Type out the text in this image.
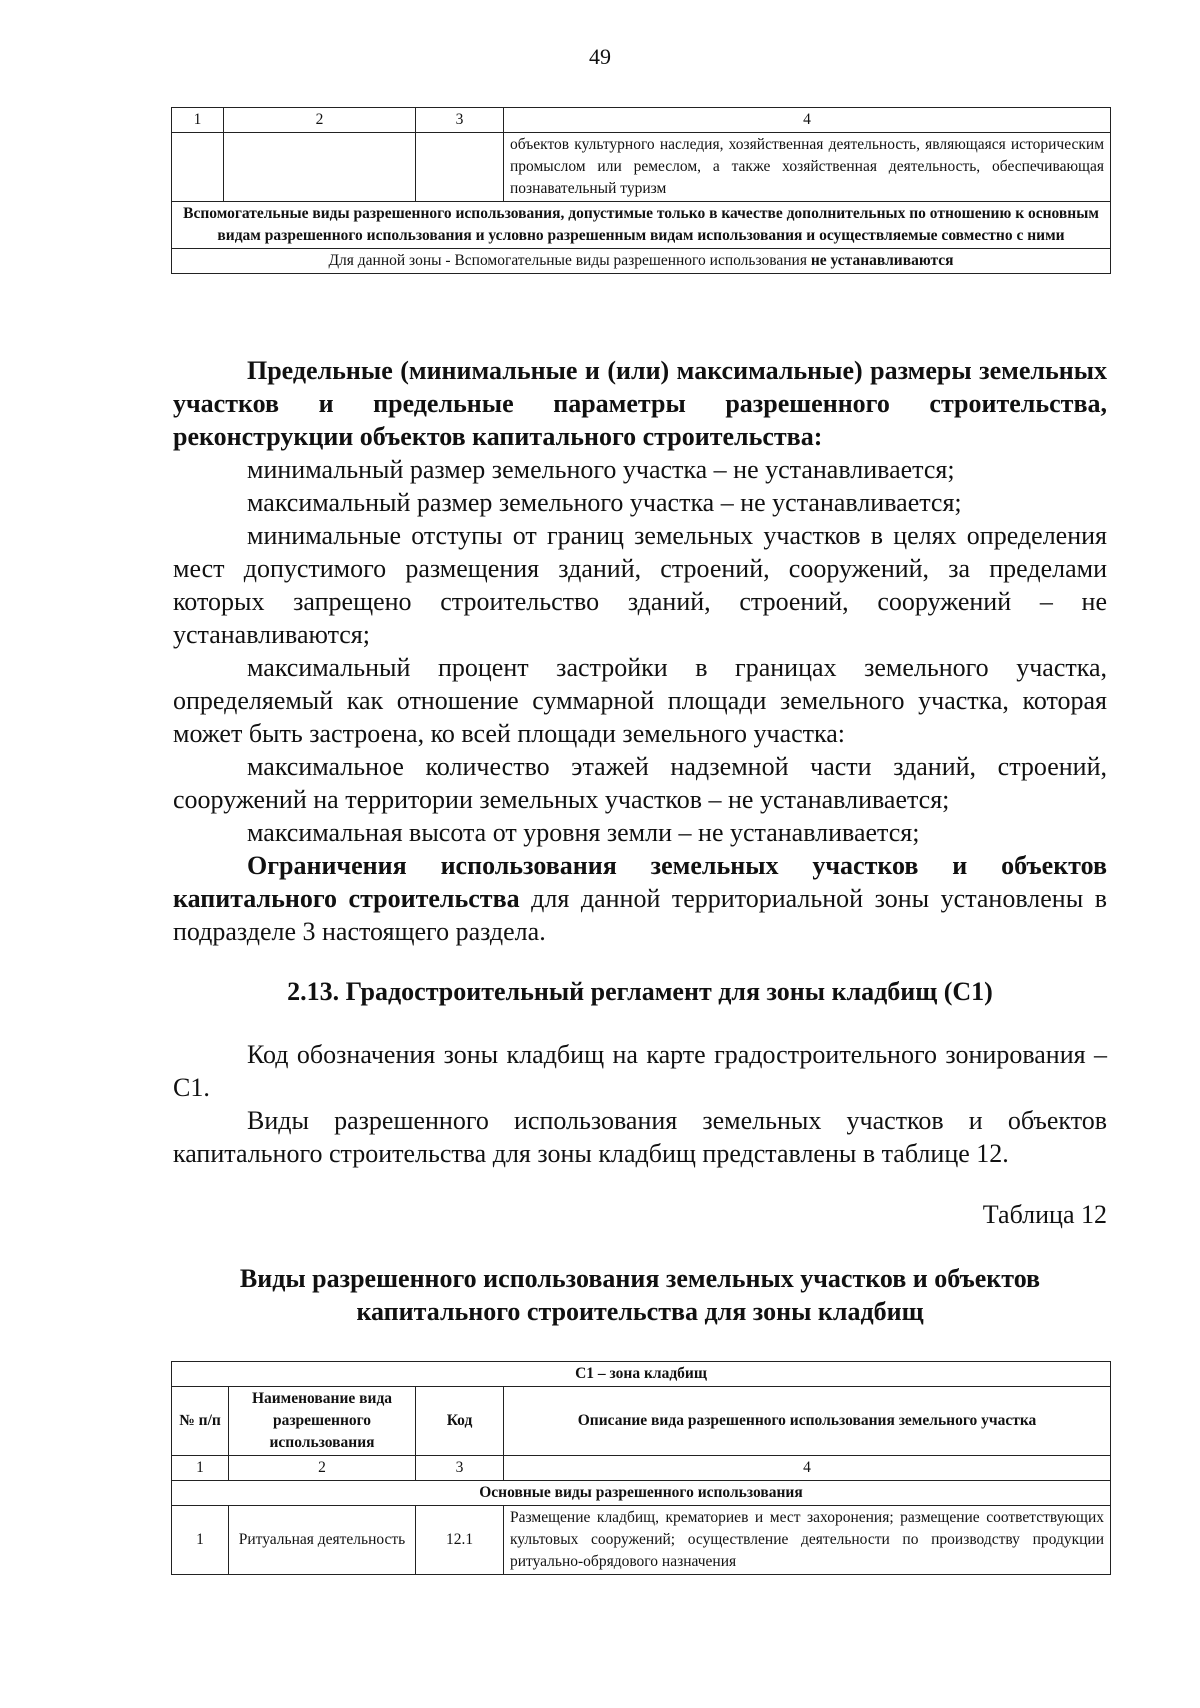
49
1	2	3	4
			объектов культурного наследия, хозяйственная деятельность, являющаяся историческим промыслом или ремеслом, а также хозяйственная деятельность, обеспечивающая познавательный туризм
Вспомогательные виды разрешенного использования, допустимые только в качестве дополнительных по отношению к основным видам разрешенного использования и условно разрешенным видам использования и осуществляемые совместно с ними			
Для данной зоны - Вспомогательные виды разрешенного использования не устанавливаются			

Предельные (минимальные и (или) максимальные) размеры земельных участков и предельные параметры разрешенного строительства, реконструкции объектов капитального строительства:

минимальный размер земельного участка – не устанавливается;

максимальный размер земельного участка – не устанавливается;

минимальные отступы от границ земельных участков в целях определения мест допустимого размещения зданий, строений, сооружений, за пределами которых запрещено строительство зданий, строений, сооружений – не устанавливаются;

максимальный процент застройки в границах земельного участка, определяемый как отношение суммарной площади земельного участка, которая может быть застроена, ко всей площади земельного участка:

максимальное количество этажей надземной части зданий, строений, сооружений на территории земельных участков – не устанавливается;

максимальная высота от уровня земли – не устанавливается;

Ограничения использования земельных участков и объектов капитального строительства для данной территориальной зоны установлены в подразделе 3 настоящего раздела.

2.13. Градостроительный регламент для зоны кладбищ (С1)

Код обозначения зоны кладбищ на карте градостроительного зонирования – С1.

Виды разрешенного использования земельных участков и объектов капитального строительства для зоны кладбищ представлены в таблице 12.

Таблица 12

Виды разрешенного использования земельных участков и объектов капитального строительства для зоны кладбищ

С1 – зона кладбищ			
№ п/п	Наименование вида разрешенного использования	Код	Описание вида разрешенного использования земельного участка
1	2	3	4
Основные виды разрешенного использования			
1	Ритуальная деятельность	12.1	Размещение кладбищ, крематориев и мест захоронения; размещение соответствующих культовых сооружений; осуществление деятельности по производству продукции ритуально-обрядового назначения
